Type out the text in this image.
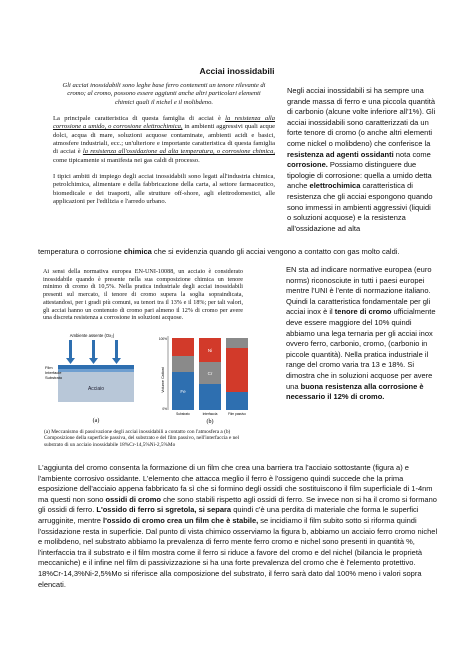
Acciai inossidabili
Gli acciai inossidabili sono leghe base ferro contenenti un tenore rilevante di cromo; al cromo, possono essere aggiunti anche altri particolari elementi chimici quali il nichel e il molibdeno.

La principale caratteristica di questa famiglia di acciai è la resistenza alla corrosione a umido, o corrosione elettrochimica, in ambienti aggressivi quali acque dolci, acqua di mare, soluzioni acquose contaminate, ambienti acidi e basici, atmosfere industriali, ecc.; un'ulteriore e importante caratteristica di questa famiglia di acciai è la resistenza all'ossidazione ad alta temperatura, o corrosione chimica, come tipicamente si manifesta nei gas caldi di processo.

I tipici ambiti di impiego degli acciai inossidabili sono legati all'industria chimica, petrolchimica, alimentare e della fabbricazione della carta, al settore farmaceutico, biomedicale e dei trasporti, alle strutture off-shore, agli elettrodomestici, alle applicazioni per l'edilizia e l'arredo urbano.

Negli acciai inossidabili si ha sempre una grande massa di ferro e una piccola quantità di carbonio (alcune volte inferiore all'1%). Gli acciai inossidabili sono caratterizzati da un forte tenore di cromo (o anche altri elementi come nickel o molibdeno) che conferisce la resistenza ad agenti ossidanti nota come corrosione. Possiamo distinguere due tipologie di corrosione: quella a umido detta anche elettrochimica caratteristica di resistenza che gli acciai espongono quando sono immessi in ambienti aggressivi (liquidi o soluzioni acquose) e la resistenza all'ossidazione ad alta
temperatura o corrosione chimica che si evidenzia quando gli acciai vengono a contatto con gas molto caldi.
Ai sensi della normativa europea EN-UNI-10088, un acciaio è considerato inossidabile quando è presente nella sua composizione chimica un tenore minimo di cromo di 10,5%. Nella pratica industriale degli acciai inossidabili presenti sul mercato, il tenore di cromo supera la soglia sopraindicata, attestandosi, per i gradi più comuni, su tenori tra il 13% e il 18%; per tali valori, gli acciai hanno un contenuto di cromo pari almeno il 12% di cromo per avere una discreta resistenza a corrosione in soluzioni acquose.
Ambiente assente (Ox₂)
Acciaio
Film
Interfacie
Substrato
(a)
Volume Cationi
100%
0%
Fe
Ni
Cr
Substrato	Interfaccia	Film passivo
(b)
(a) Meccanismo di passivazione degli acciai inossidabili a contatto con l'atmosfera a (b) Composizione della superficie passiva, del substrato e del film passivo, nell'interfaccia e nel substrato di un acciaio inossidabile 18%Cr-14,5%Ni-2,5%Mo
EN sta ad indicare normative europea (euro norms) riconosciute in tutti i paesi europei mentre l'UNI è l'ente di normazione italiano. Quindi la caratteristica fondamentale per gli acciai inox è il tenore di cromo ufficialmente deve essere maggiore del 10% quindi abbiamo una lega ternaria per gli acciai inox ovvero ferro, carbonio, cromo, (carbonio in piccole quantità). Nella pratica industriale il range del cromo varia tra 13 e 18%. Si dimostra che in soluzioni acquose per avere una buona resistenza alla corrosione è necessario il 12% di cromo.
L'aggiunta del cromo consenta la formazione di un film che crea una barriera tra l'acciaio sottostante (figura a) e l'ambiente corrosivo ossidante. L'elemento che attacca meglio il ferro è l'ossigeno quindi succede che la prima esposizione dell'acciaio appena fabbricato fa sì che si formino degli ossidi che sostituiscono il film superficiale di 1-4nm ma questi non sono ossidi di cromo che sono stabili rispetto agli ossidi di ferro. Se invece non si ha il cromo si formano gli ossidi di ferro. L'ossido di ferro si sgretola, si separa quindi c'è una perdita di materiale che forma le superfici arrugginite, mentre l'ossido di cromo crea un film che è stabile, se incidiamo il film subito sotto si riforma quindi l'ossidazione resta in superficie. Dal punto di vista chimico osserviamo la figura b, abbiamo un acciaio ferro cromo nichel e molibdeno, nel substrato abbiamo la prevalenza di ferro mente ferro cromo e nichel sono presenti in quantità %, l'interfaccia tra il substrato e il film mostra come il ferro si riduce a favore del cromo e del nichel (bilancia le proprietà meccaniche) e il infine nel film di passivizzazione si ha una forte prevalenza del cromo che è l'elemento protettivo. 18%Cr-14,3%Ni-2,5%Mo si riferisce alla composizione del substrato, il ferro sarà dato dal 100% meno i valori sopra elencati.
